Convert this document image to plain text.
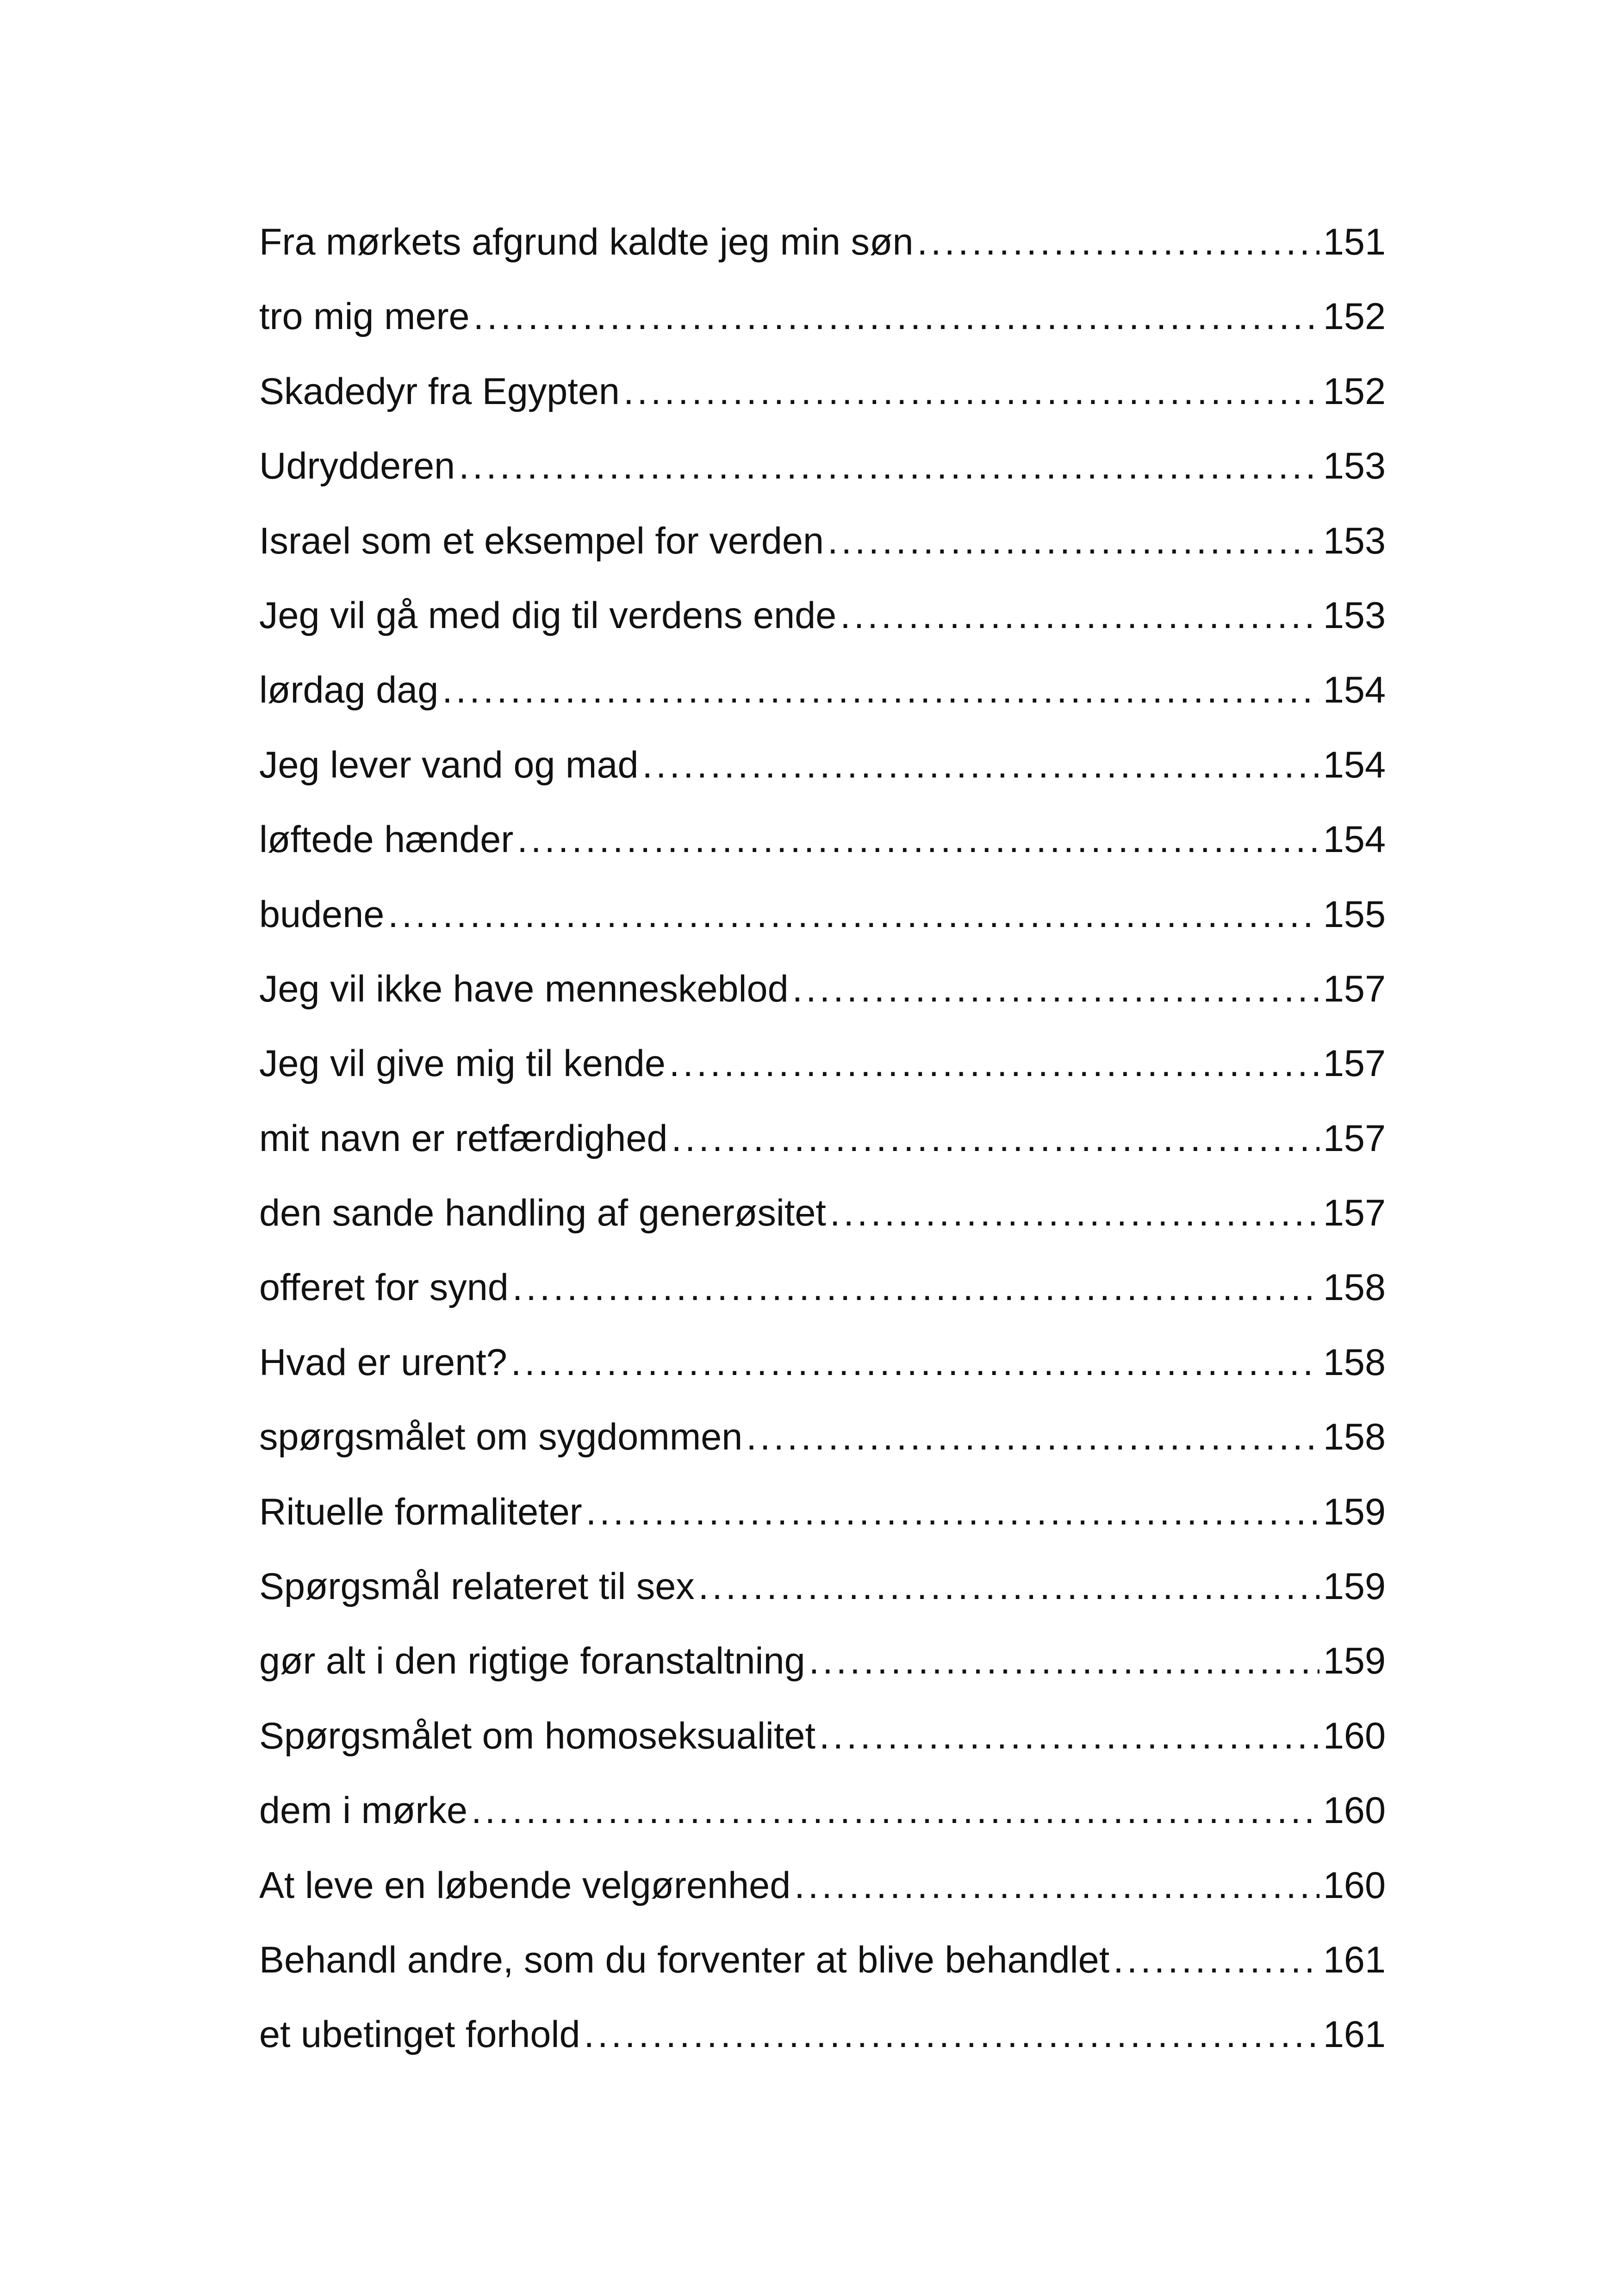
Fra mørkets afgrund kaldte jeg min søn .....	151
tro mig mere .....	152
Skadedyr fra Egypten .....	152
Udrydderen .....	153
Israel som et eksempel for verden .....	153
Jeg vil gå med dig til verdens ende .....	153
lørdag dag .....	154
Jeg lever vand og mad .....	154
løftede hænder .....	154
budene .....	155
Jeg vil ikke have menneskeblod .....	157
Jeg vil give mig til kende .....	157
mit navn er retfærdighed .....	157
den sande handling af generøsitet .....	157
offeret for synd .....	158
Hvad er urent? .....	158
spørgsmålet om sygdommen .....	158
Rituelle formaliteter .....	159
Spørgsmål relateret til sex .....	159
gør alt i den rigtige foranstaltning .....	159
Spørgsmålet om homoseksualitet .....	160
dem i mørke .....	160
At leve en løbende velgørenhed .....	160
Behandl andre, som du forventer at blive behandlet .....	161
et ubetinget forhold .....	161
